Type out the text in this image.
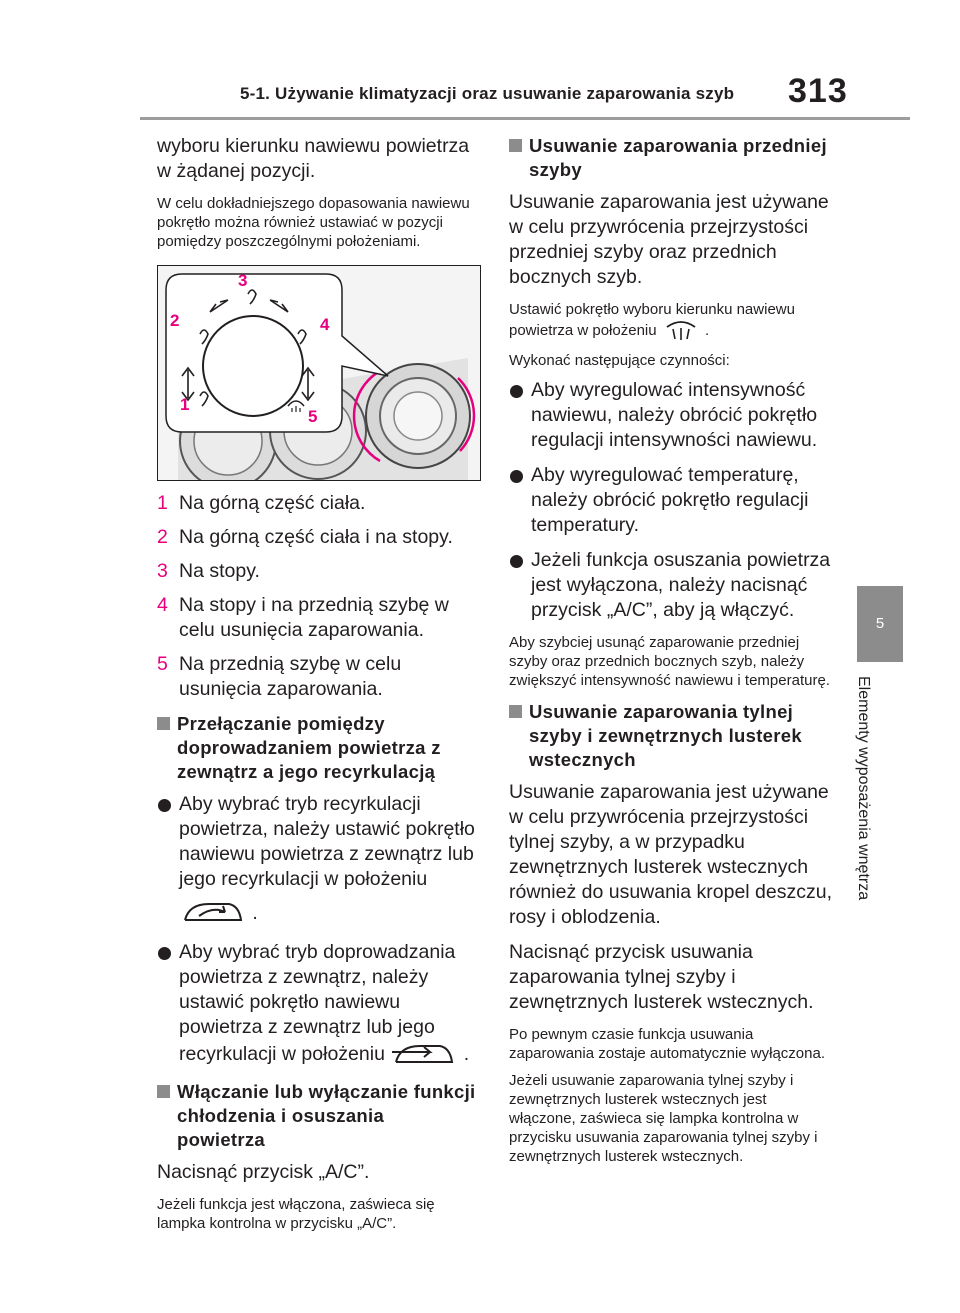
5-1. Używanie klimatyzacji oraz usuwanie zaparowania szyb 313
5
Elementy wyposażenia wnętrza

wyboru kierunku nawiewu powietrza w żądanej pozycji.

W celu dokładniejszego dopasowania nawiewu pokrętło można również ustawiać w pozycji pomiędzy poszczególnymi położeniami.

3
2	4
1
5
1 Na górną część ciała.
2 Na górną część ciała i na stopy.
3 Na stopy.
4 Na stopy i na przednią szybę w celu usunięcia zaparowania.
5 Na przednią szybę w celu usunięcia zaparowania.
Przełączanie pomiędzy doprowadzaniem powietrza z zewnątrz a jego recyrkulacją
Aby wybrać tryb recyrkulacji powietrza, należy ustawić pokrętło nawiewu powietrza z zewnątrz lub jego recyrkulacji w położeniu
.
Aby wybrać tryb doprowadzania powietrza z zewnątrz, należy ustawić pokrętło nawiewu powietrza z zewnątrz lub jego recyrkulacji w położeniu	.
Włączanie lub wyłączanie funkcji chłodzenia i osuszania powietrza

Nacisnąć przycisk „A/C”.

Jeżeli funkcja jest włączona, zaświeca się lampka kontrolna w przycisku „A/C”.

Usuwanie zaparowania przedniej szyby

Usuwanie zaparowania jest używane w celu przywrócenia przejrzystości przedniej szyby oraz przednich bocznych szyb.

Ustawić pokrętło wyboru kierunku nawiewu powietrza w położeniu	.

Wykonać następujące czynności:

Aby wyregulować intensywność nawiewu, należy obrócić pokrętło regulacji intensywności nawiewu.
Aby wyregulować temperaturę, należy obrócić pokrętło regulacji temperatury.
Jeżeli funkcja osuszania powietrza jest wyłączona, należy nacisnąć przycisk „A/C”, aby ją włączyć.

Aby szybciej usunąć zaparowanie przedniej szyby oraz przednich bocznych szyb, należy zwiększyć intensywność nawiewu i temperaturę.

Usuwanie zaparowania tylnej szyby i zewnętrznych lusterek wstecznych

Usuwanie zaparowania jest używane w celu przywrócenia przejrzystości tylnej szyby, a w przypadku zewnętrznych lusterek wstecznych również do usuwania kropel deszczu, rosy i oblodzenia.

Nacisnąć przycisk usuwania zaparowania tylnej szyby i zewnętrznych lusterek wstecznych.

Po pewnym czasie funkcja usuwania zaparowania zostaje automatycznie wyłączona.

Jeżeli usuwanie zaparowania tylnej szyby i zewnętrznych lusterek wstecznych jest włączone, zaświeca się lampka kontrolna w przycisku usuwania zaparowania tylnej szyby i zewnętrznych lusterek wstecznych.
